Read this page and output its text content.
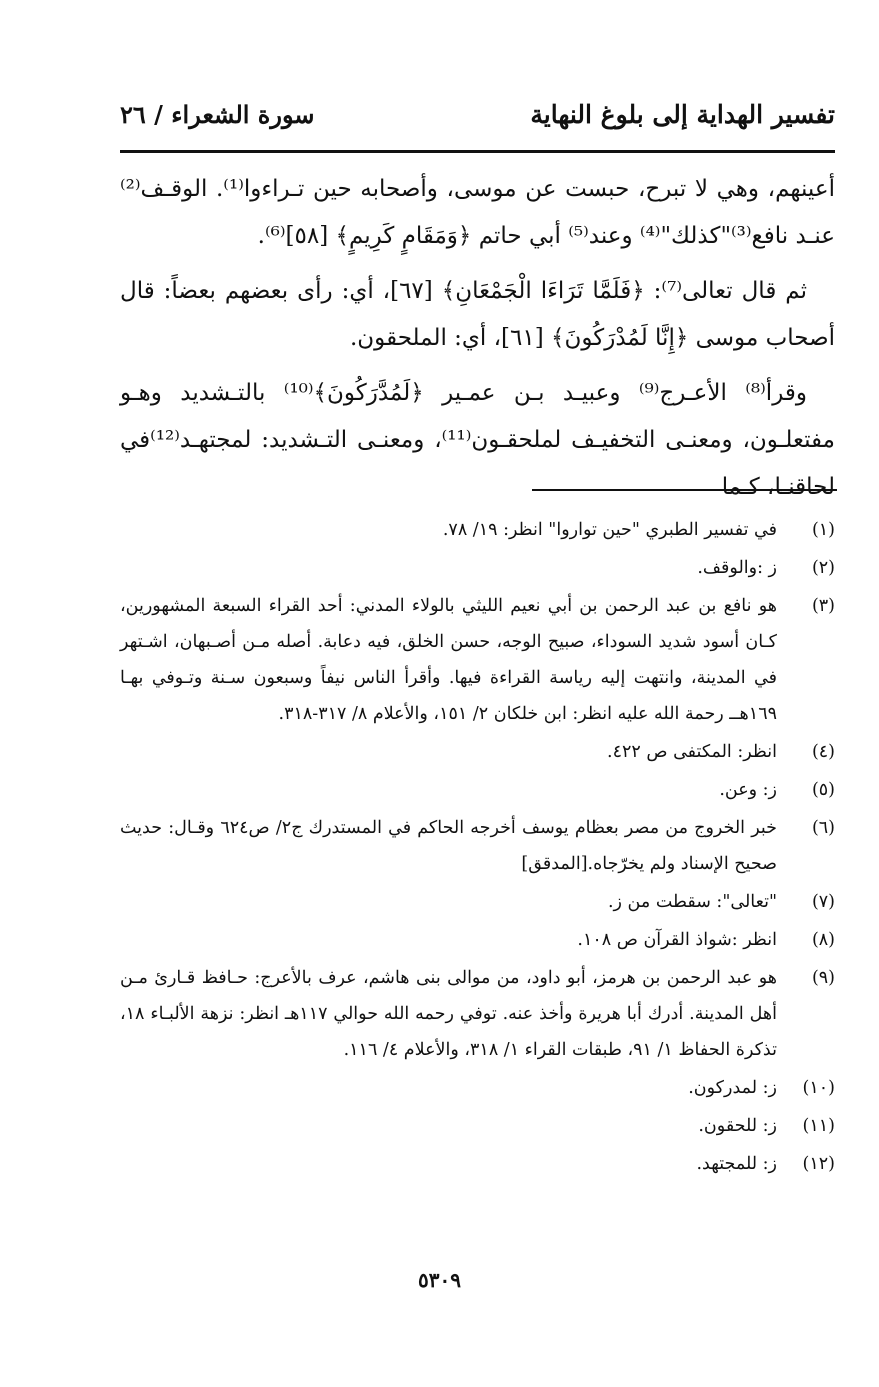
تفسير الهداية إلى بلوغ النهاية
سورة الشعراء / ٢٦

أعينهم، وهي لا تبرح، حبست عن موسى، وأصحابه حين تـراءوا⁽¹⁾. الوقـف⁽²⁾عنـد نافع⁽³⁾"كذلك"⁽⁴⁾ وعند⁽⁵⁾ أبي حاتم ﴿وَمَقَامٍ كَرِيمٍ﴾ [٥٨]⁽⁶⁾.

ثم قال تعالى⁽⁷⁾: ﴿فَلَمَّا تَرَاءَا الْجَمْعَانِ﴾ [٦٧]، أي: رأى بعضهم بعضاً: قال أصحاب موسى ﴿إِنَّا لَمُدْرَكُونَ﴾ [٦١]، أي: الملحقون.

وقرأ⁽⁸⁾ الأعـرج⁽⁹⁾ وعبيـد بـن عمـير ﴿لَمُدَّرَكُونَ﴾⁽¹⁰⁾ بالتـشديد وهـو مفتعلـون، ومعنـى التخفيـف لملحقـون⁽¹¹⁾، ومعنـى التـشديد: لمجتهـد⁽¹²⁾في لحاقنـا، كـما

(١)
في تفسير الطبري "حين تواروا" انظر: ١٩/ ٧٨.
(٢)
ز :والوقف.
(٣)
هو نافع بن عبد الرحمن بن أبي نعيم الليثي بالولاء المدني: أحد القراء السبعة المشهورين، كـان أسود شديد السوداء، صبيح الوجه، حسن الخلق، فيه دعابة. أصله مـن أصـبهان، اشـتهر في المدينة، وانتهت إليه رياسة القراءة فيها. وأقرأ الناس نيفاً وسبعون سـنة وتـوفي بهـا ١٦٩هــ رحمة الله عليه انظر: ابن خلكان ٢/ ١٥١، والأعلام ٨/ ٣١٧-٣١٨.
(٤)
انظر: المكتفى ص ٤٢٢.
(٥)
ز: وعن.
(٦)
خبر الخروج من مصر بعظام يوسف أخرجه الحاكم في المستدرك ج٢/ ص٦٢٤ وقـال: حديث صحيح الإسناد ولم يخرّجاه.[المدقق]
(٧)
"تعالى": سقطت من ز.
(٨)
انظر :شواذ القرآن ص ١٠٨.
(٩)
هو عبد الرحمن بن هرمز، أبو داود، من موالى بنى هاشم، عرف بالأعرج: حـافظ قـارئ مـن أهل المدينة. أدرك أبا هريرة وأخذ عنه. توفي رحمه الله حوالي ١١٧هـ انظر: نزهة الألبـاء ١٨، تذكرة الحفاظ ١/ ٩١، طبقات القراء ١/ ٣١٨، والأعلام ٤/ ١١٦.
(١٠)
ز: لمدركون.
(١١)
ز: للحقون.
(١٢)
ز: للمجتهد.
٥٣٠٩
